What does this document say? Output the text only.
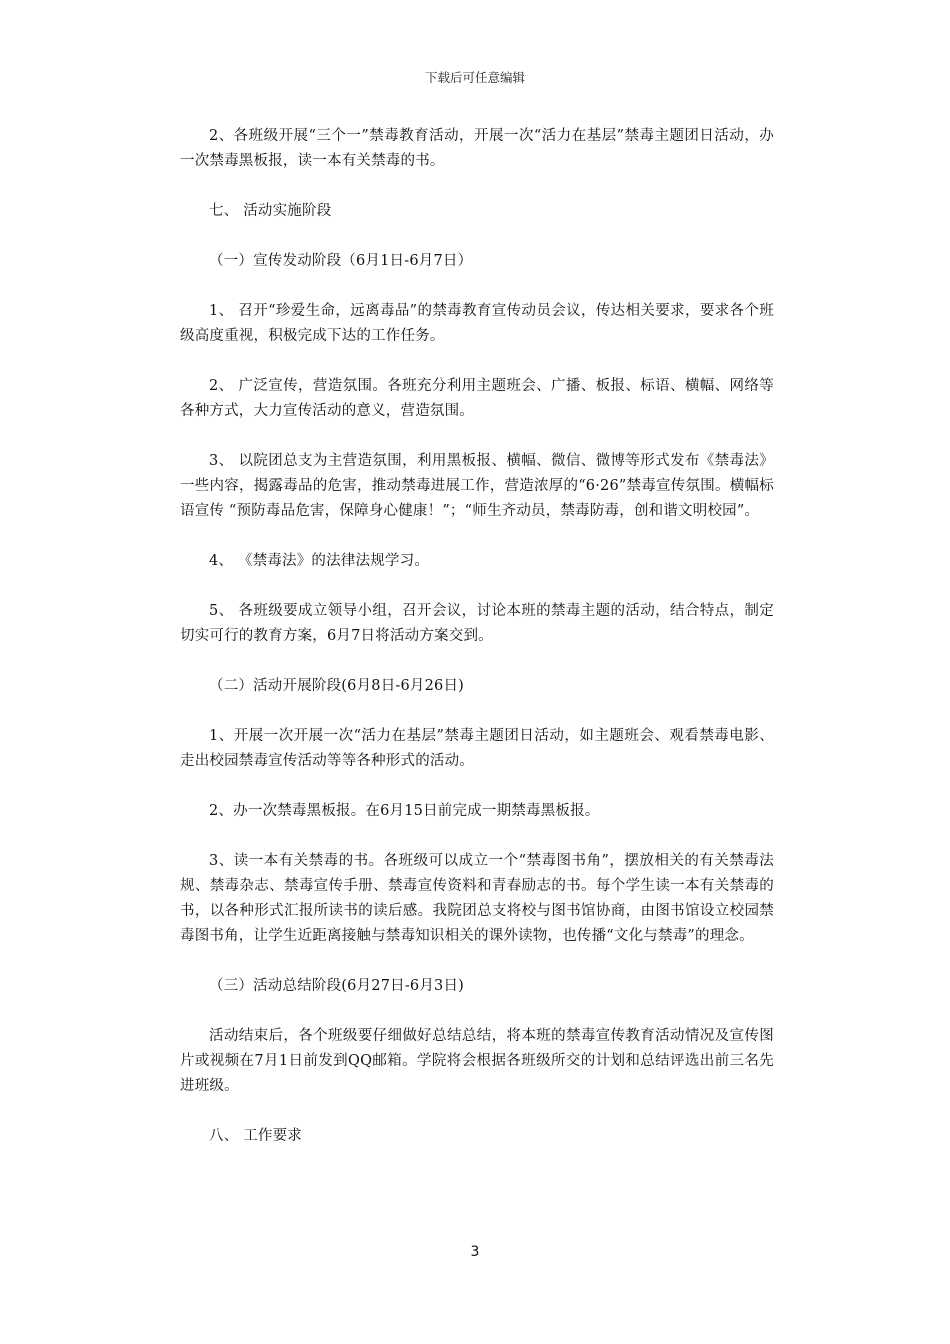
下载后可任意编辑

2、各班级开展“三个一”禁毒教育活动，开展一次“活力在基层”禁毒主题团日活动，办一次禁毒黑板报，读一本有关禁毒的书。

七、 活动实施阶段

（一）宣传发动阶段（6月1日-6月7日）

1、 召开“珍爱生命，远离毒品”的禁毒教育宣传动员会议，传达相关要求，要求各个班级高度重视，积极完成下达的工作任务。

2、 广泛宣传，营造氛围。各班充分利用主题班会、广播、板报、标语、横幅、网络等各种方式，大力宣传活动的意义，营造氛围。

3、 以院团总支为主营造氛围，利用黑板报、横幅、微信、微博等形式发布《禁毒法》一些内容，揭露毒品的危害，推动禁毒进展工作，营造浓厚的“6·26”禁毒宣传氛围。横幅标语宣传 “预防毒品危害，保障身心健康！”；“师生齐动员，禁毒防毒，创和谐文明校园”。

4、 《禁毒法》的法律法规学习。

5、 各班级要成立领导小组，召开会议，讨论本班的禁毒主题的活动，结合特点，制定切实可行的教育方案，6月7日将活动方案交到。

（二）活动开展阶段(6月8日-6月26日)

1、开展一次开展一次“活力在基层”禁毒主题团日活动，如主题班会、观看禁毒电影、走出校园禁毒宣传活动等等各种形式的活动。

2、办一次禁毒黑板报。在6月15日前完成一期禁毒黑板报。

3、读一本有关禁毒的书。各班级可以成立一个“禁毒图书角”，摆放相关的有关禁毒法规、禁毒杂志、禁毒宣传手册、禁毒宣传资料和青春励志的书。每个学生读一本有关禁毒的书，以各种形式汇报所读书的读后感。我院团总支将校与图书馆协商，由图书馆设立校园禁毒图书角，让学生近距离接触与禁毒知识相关的课外读物，也传播“文化与禁毒”的理念。

（三）活动总结阶段(6月27日-6月3日)

活动结束后，各个班级要仔细做好总结总结，将本班的禁毒宣传教育活动情况及宣传图片或视频在7月1日前发到QQ邮箱。学院将会根据各班级所交的计划和总结评选出前三名先进班级。

八、 工作要求

3
